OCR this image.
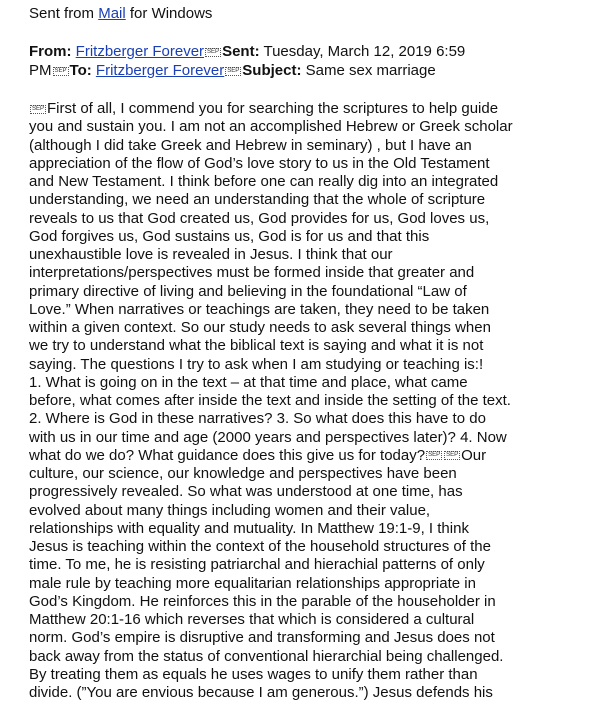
Sent from Mail for Windows
From: Fritzberger Forever SEP Sent: Tuesday, March 12, 2019 6:59
PM SEP To: Fritzberger Forever SEP Subject: Same sex marriage
SEP First of all, I commend you for searching the scriptures to help guide
you and sustain you. I am not an accomplished Hebrew or Greek scholar
(although I did take Greek and Hebrew in seminary) , but I have an
appreciation of the flow of God’s love story to us in the Old Testament
and New Testament. I think before one can really dig into an integrated
understanding, we need an understanding that the whole of scripture
reveals to us that God created us, God provides for us, God loves us,
God forgives us, God sustains us, God is for us and that this
unexhaustible love is revealed in Jesus. I think that our
interpretations/perspectives must be formed inside that greater and
primary directive of living and believing in the foundational “Law of
Love.” When narratives or teachings are taken, they need to be taken
within a given context. So our study needs to ask several things when
we try to understand what the biblical text is saying and what it is not
saying. The questions I try to ask when I am studying or teaching is:!
1. What is going on in the text – at that time and place, what came
before, what comes after inside the text and inside the setting of the text.
2. Where is God in these narratives? 3. So what does this have to do
with us in our time and age (2000 years and perspectives later)? 4. Now
what do we do? What guidance does this give us for today? SEP SEP Our
culture, our science, our knowledge and perspectives have been
progressively revealed. So what was understood at one time, has
evolved about many things including women and their value,
relationships with equality and mutuality. In Matthew 19:1-9, I think
Jesus is teaching within the context of the household structures of the
time. To me, he is resisting patriarchal and hierachial patterns of only
male rule by teaching more equalitarian relationships appropriate in
God’s Kingdom. He reinforces this in the parable of the householder in
Matthew 20:1-16 which reverses that which is considered a cultural
norm. God’s empire is disruptive and transforming and Jesus does not
back away from the status of conventional hierarchial being challenged.
By treating them as equals he uses wages to unify them rather than
divide. (”You are envious because I am generous.”) Jesus defends his
